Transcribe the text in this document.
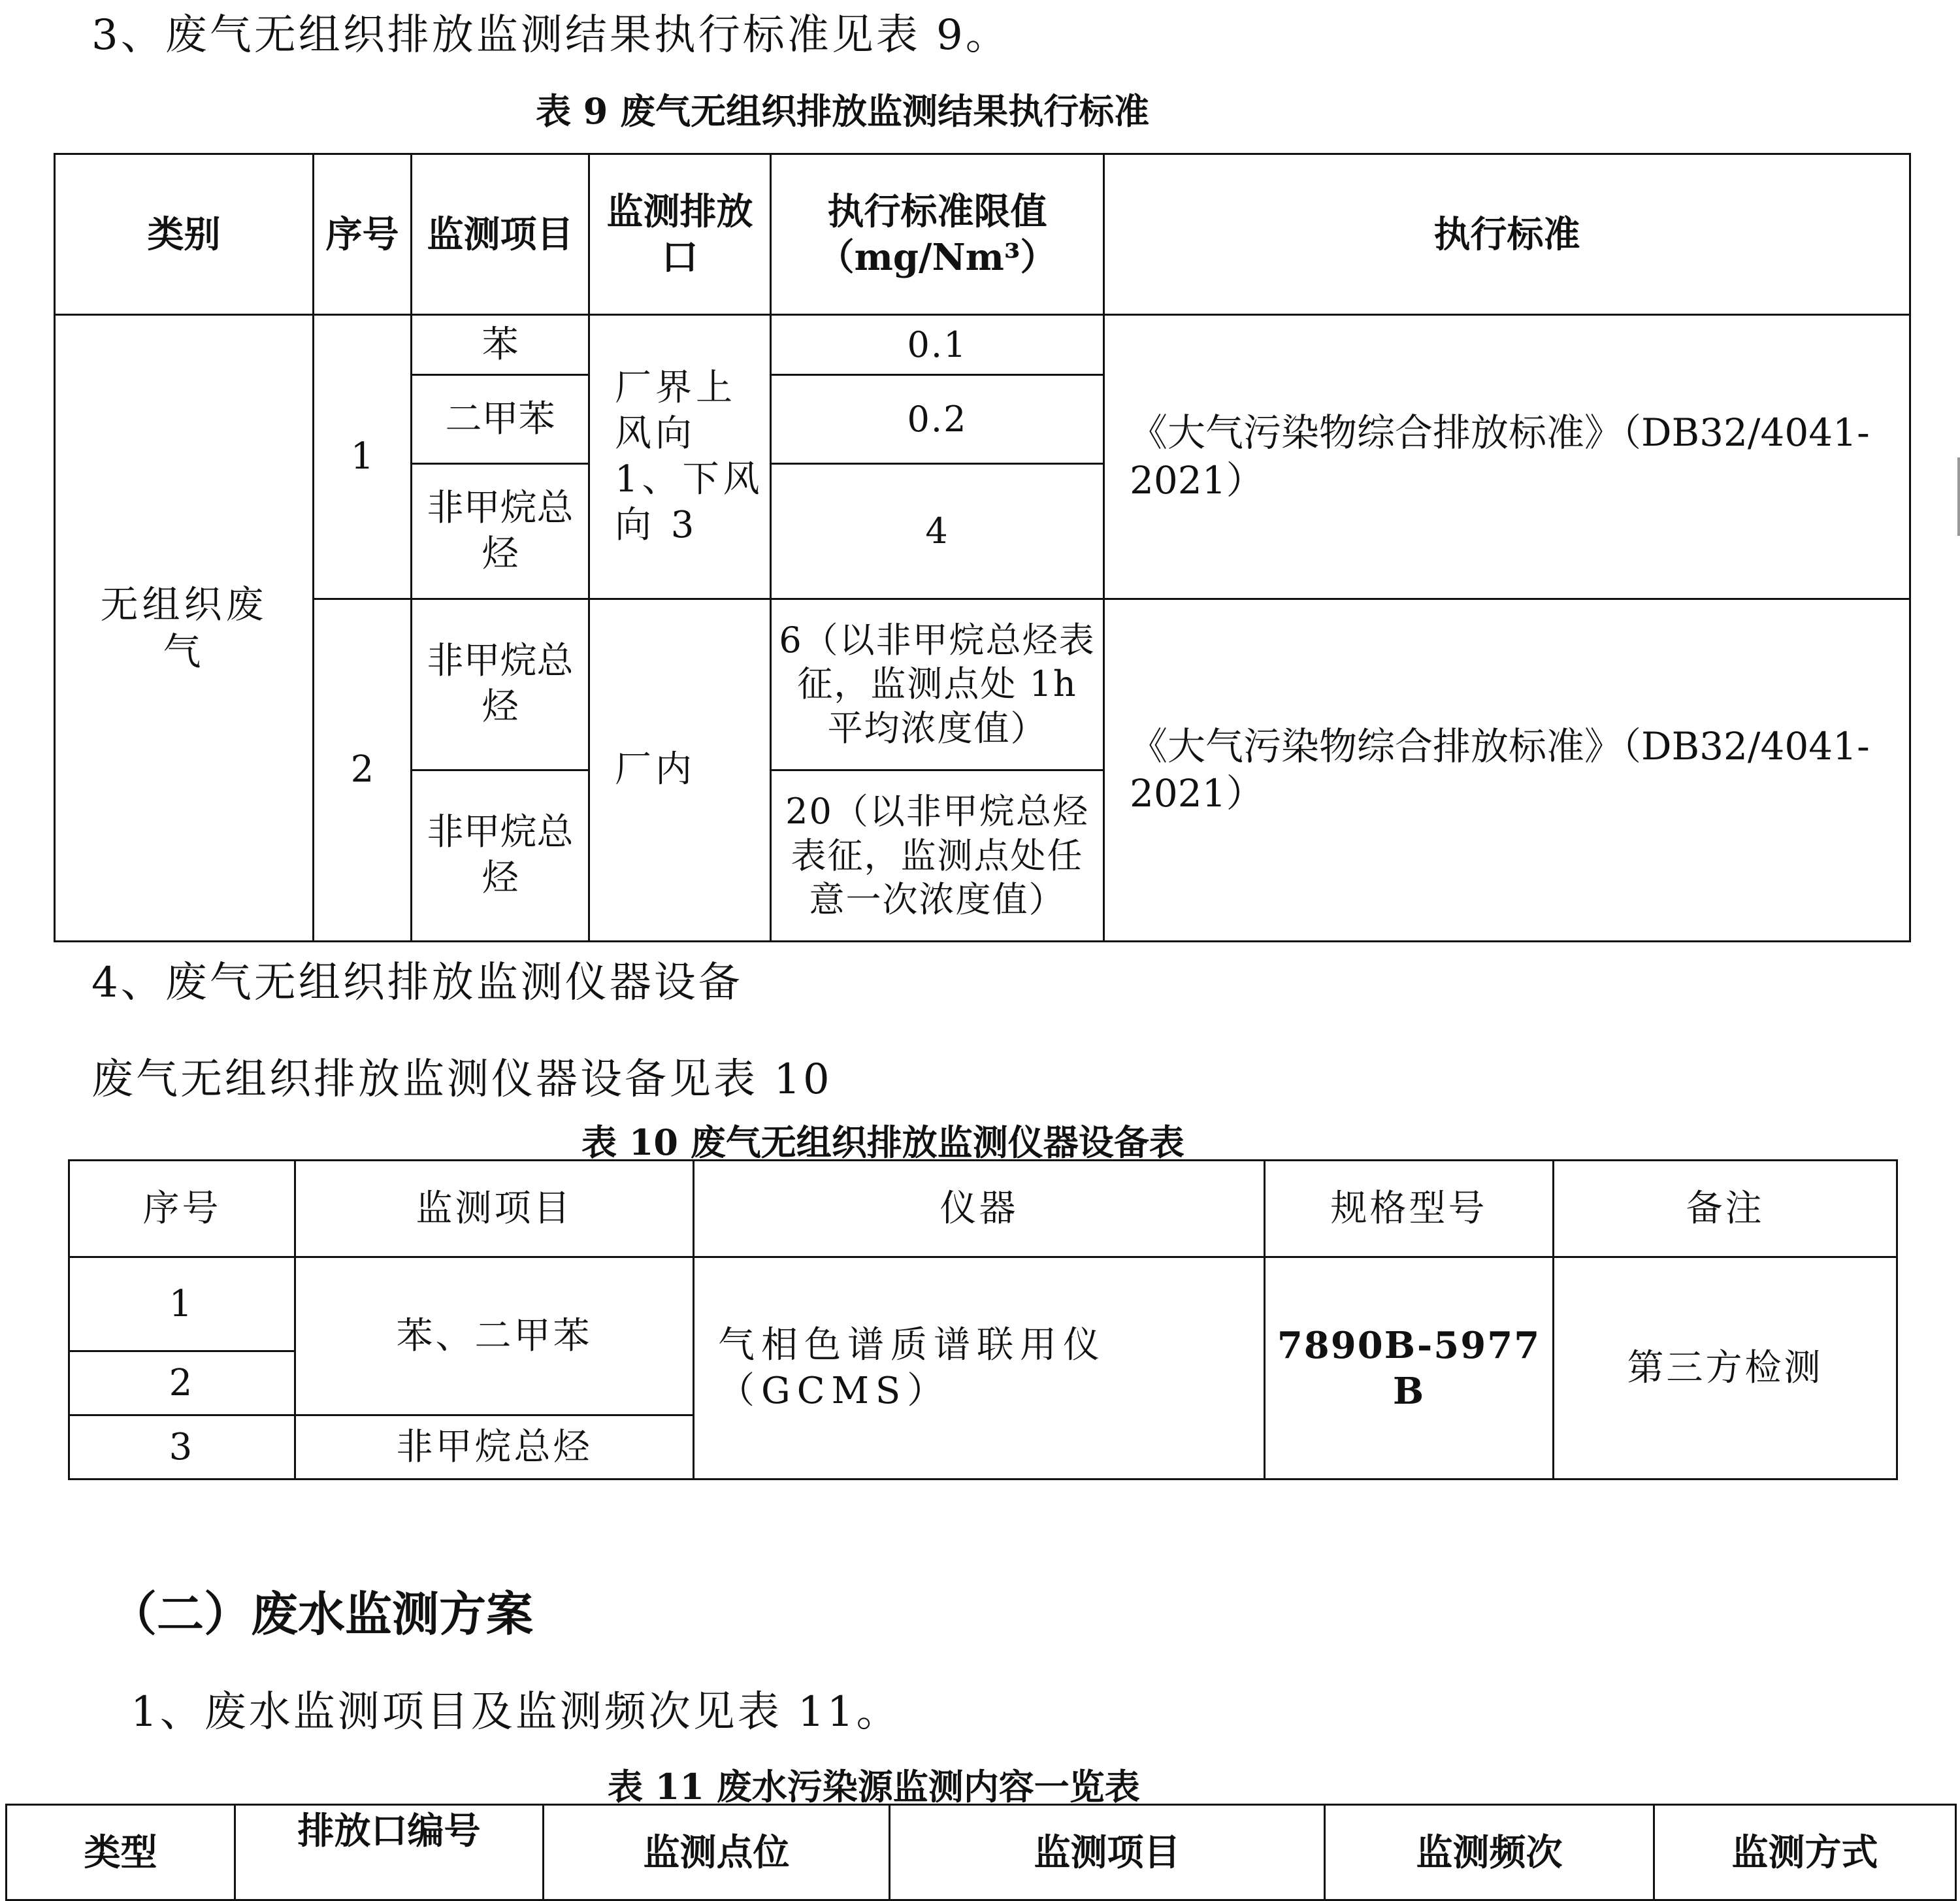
3、废气无组织排放监测结果执行标准见表 9。
表 9 废气无组织排放监测结果执行标准
类别	序号	监测项目	监测排放口	执行标准限值（mg/Nm³）	执行标准
无组织废气	1	苯	厂界上风向 1、下风向 3	0.1	《大气污染物综合排放标准》（DB32/4041-2021）
		二甲苯		0.2	
		非甲烷总烃		4	
	2	非甲烷总烃	厂内	6（以非甲烷总烃表征，监测点处 1h 平均浓度值）	《大气污染物综合排放标准》（DB32/4041-2021）
		非甲烷总烃		20（以非甲烷总烃表征，监测点处任意一次浓度值）	
4、废气无组织排放监测仪器设备
废气无组织排放监测仪器设备见表 10
表 10 废气无组织排放监测仪器设备表
序号	监测项目	仪器	规格型号	备注
1	苯、二甲苯	气相色谱质谱联用仪（GCMS）	7890B-5977B	第三方检测
2				
3	非甲烷总烃			
（二）废水监测方案
1、废水监测项目及监测频次见表 11。
表 11 废水污染源监测内容一览表
类型	排放口编号	监测点位	监测项目	监测频次	监测方式
